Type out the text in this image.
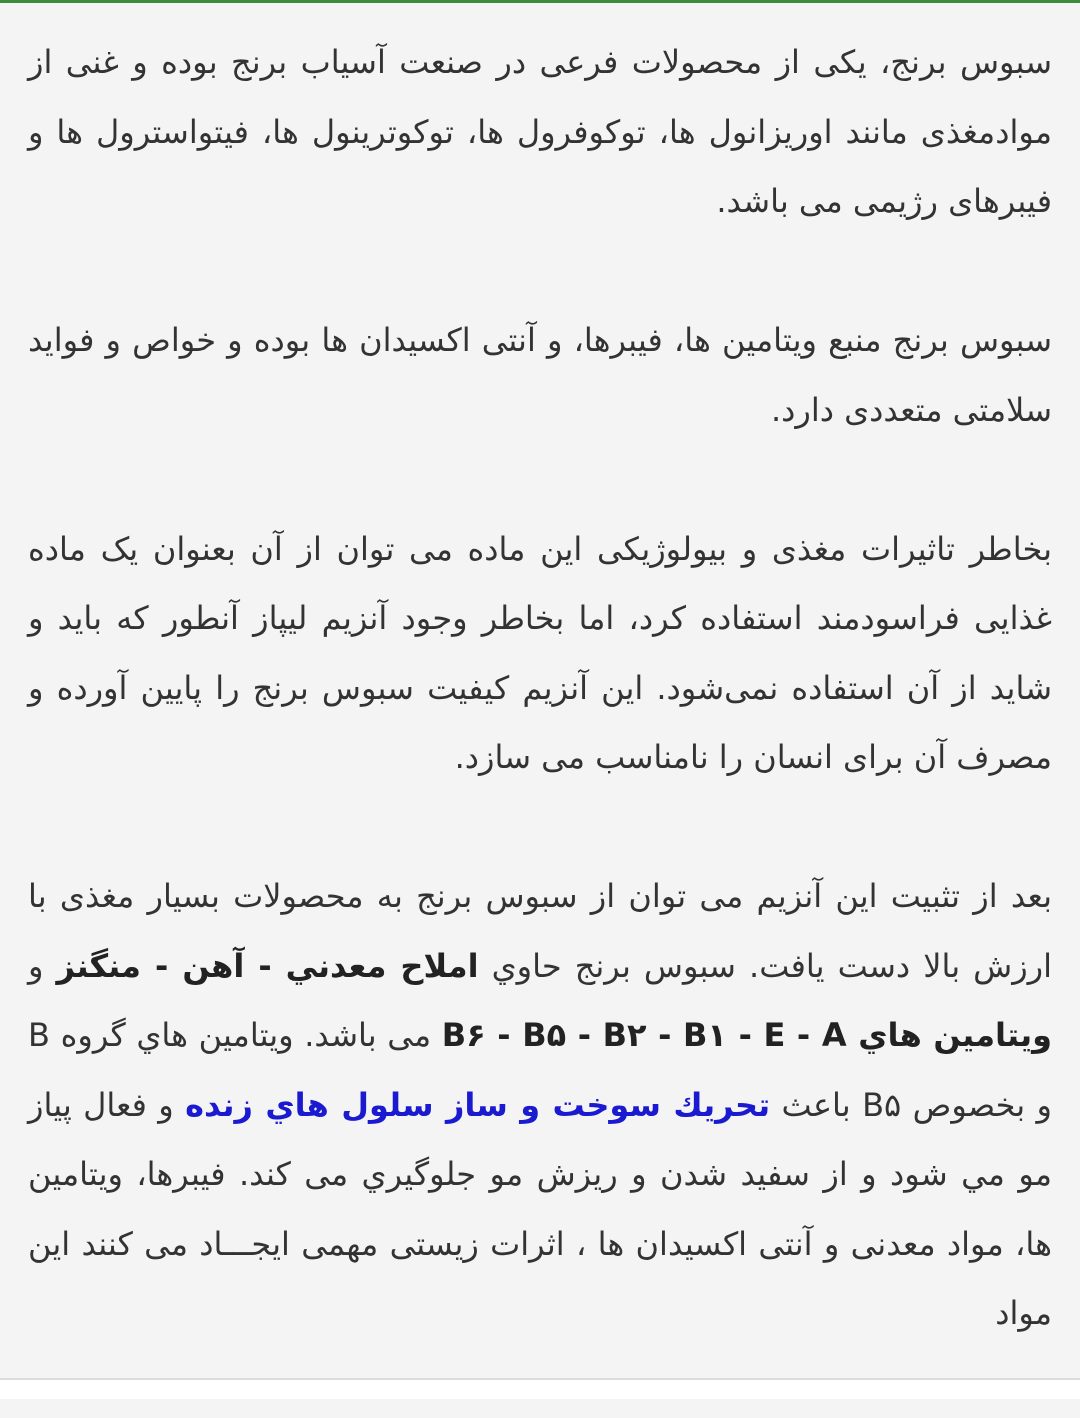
سبوس برنج، یکی از محصولات فرعی در صنعت آسیاب برنج بوده و غنی از موادمغذی مانند اوریزانول ها، توکوفرول ها، توکوترینول ها، فیتواسترول ها و فیبرهای رژیمی می باشد.

سبوس برنج منبع ویتامین ها، فیبرها، و آنتی اکسیدان ها بوده و خواص و فواید سلامتی متعددی دارد.

بخاطر تاثیرات مغذی و بیولوژیکی این ماده می توان از آن بعنوان یک ماده غذایی فراسودمند استفاده کرد، اما بخاطر وجود آنزیم لیپاز آنطور که باید و شاید از آن استفاده نمی‌شود. این آنزیم کیفیت سبوس برنج را پایین آورده و مصرف آن برای انسان را نامناسب می سازد.

بعد از تثبیت این آنزیم می توان از سبوس برنج به محصولات بسیار مغذی با ارزش بالا دست یافت. سبوس برنج حاوي املاح معدني - آهن - منگنز و ويتامين هاي B۶ - B۵ - B۲ - B۱ - E - A می باشد. ويتامين هاي گروه B و بخصوص B۵ باعث تحريك سوخت و ساز سلول هاي زنده و فعال پياز مو مي شود و از سفيد شدن و ريزش مو جلوگيري می کند. فیبرها، ویتامین ها، مواد معدنی و آنتی اکسیدان ها ، اثرات زیستی مهمی ایجـــاد می کنند این مواد
